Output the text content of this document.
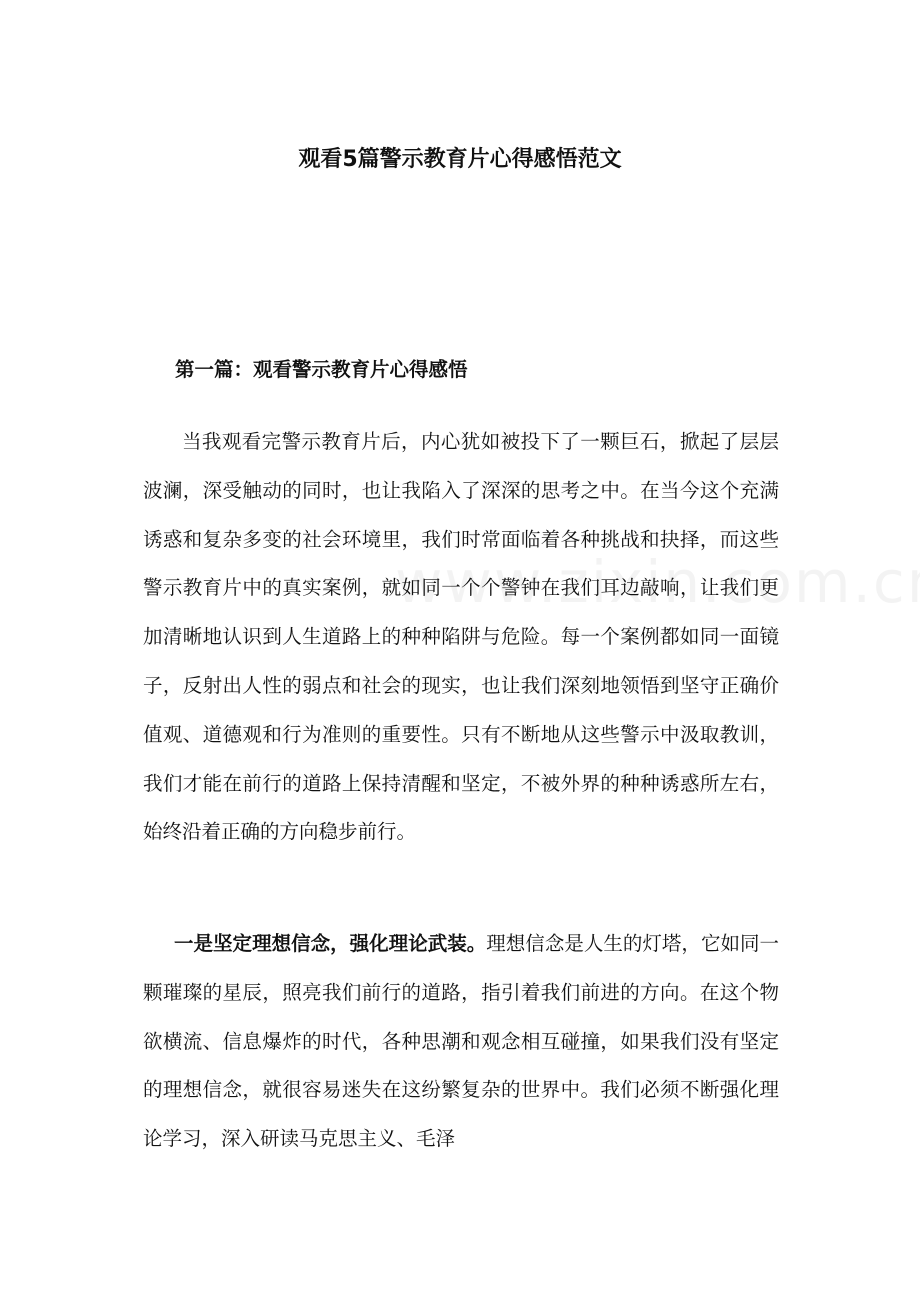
观看5篇警示教育片心得感悟范文
第一篇：观看警示教育片心得感悟

当我观看完警示教育片后，内心犹如被投下了一颗巨石，掀起了层层波澜，深受触动的同时，也让我陷入了深深的思考之中。在当今这个充满诱惑和复杂多变的社会环境里，我们时常面临着各种挑战和抉择，而这些警示教育片中的真实案例，就如同一个个警钟在我们耳边敲响，让我们更加清晰地认识到人生道路上的种种陷阱与危险。每一个案例都如同一面镜子，反射出人性的弱点和社会的现实，也让我们深刻地领悟到坚守正确价值观、道德观和行为准则的重要性。只有不断地从这些警示中汲取教训，我们才能在前行的道路上保持清醒和坚定，不被外界的种种诱惑所左右，始终沿着正确的方向稳步前行。

一是坚定理想信念，强化理论武装。理想信念是人生的灯塔，它如同一颗璀璨的星辰，照亮我们前行的道路，指引着我们前进的方向。在这个物欲横流、信息爆炸的时代，各种思潮和观念相互碰撞，如果我们没有坚定的理想信念，就很容易迷失在这纷繁复杂的世界中。我们必须不断强化理论学习，深入研读马克思主义、毛泽
